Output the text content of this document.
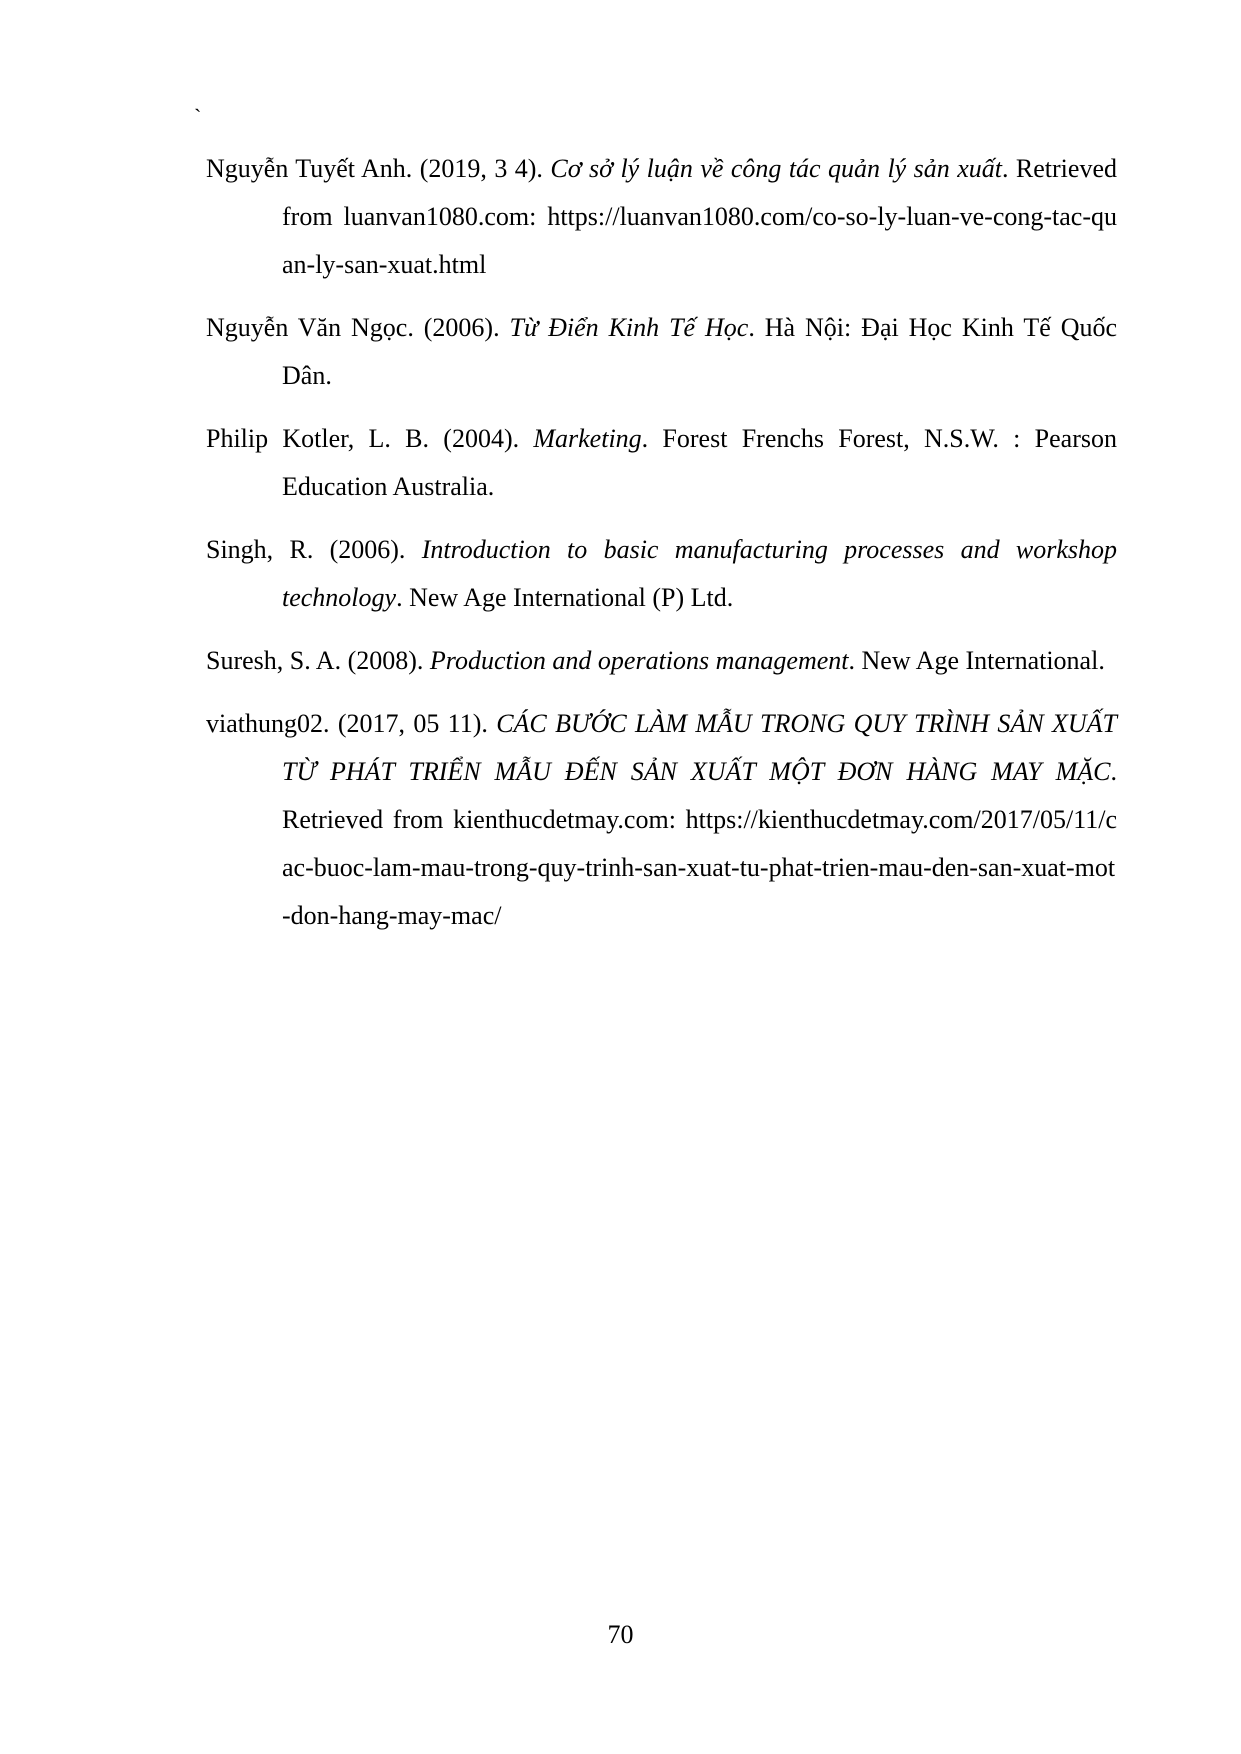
`

Nguyễn Tuyết Anh. (2019, 3 4). Cơ sở lý luận về công tác quản lý sản xuất. Retrieved from luanvan1080.com: https://luanvan1080.com/co-so-ly-luan-ve-cong-tac-quan-ly-san-xuat.html

Nguyễn Văn Ngọc. (2006). Từ Điển Kinh Tế Học. Hà Nội: Đại Học Kinh Tế Quốc Dân.

Philip Kotler, L. B. (2004). Marketing. Forest Frenchs Forest, N.S.W. : Pearson Education Australia.

Singh, R. (2006). Introduction to basic manufacturing processes and workshop technology. New Age International (P) Ltd.

Suresh, S. A. (2008). Production and operations management. New Age International.

viathung02. (2017, 05 11). CÁC BƯỚC LÀM MẪU TRONG QUY TRÌNH SẢN XUẤT TỪ PHÁT TRIỂN MẪU ĐẾN SẢN XUẤT MỘT ĐƠN HÀNG MAY MẶC. Retrieved from kienthucdetmay.com: https://kienthucdetmay.com/2017/05/11/cac-buoc-lam-mau-trong-quy-trinh-san-xuat-tu-phat-trien-mau-den-san-xuat-mot-don-hang-may-mac/

70
